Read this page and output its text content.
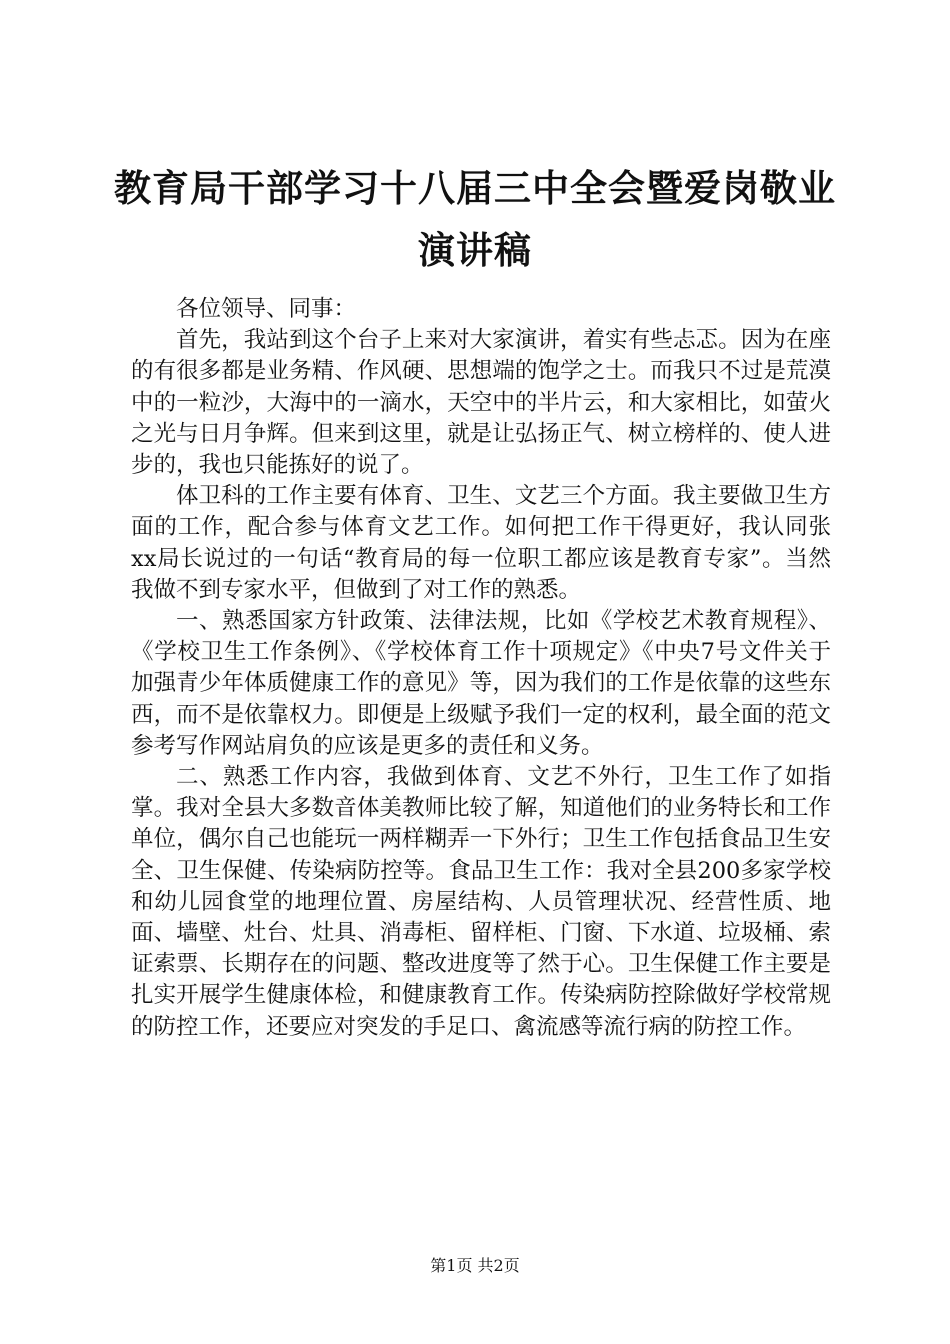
教育局干部学习十八届三中全会暨爱岗敬业演讲稿

各位领导、同事：

首先，我站到这个台子上来对大家演讲，着实有些忐忑。因为在座的有很多都是业务精、作风硬、思想端的饱学之士。而我只不过是荒漠中的一粒沙，大海中的一滴水，天空中的半片云，和大家相比，如萤火之光与日月争辉。但来到这里，就是让弘扬正气、树立榜样的、使人进步的，我也只能拣好的说了。

体卫科的工作主要有体育、卫生、文艺三个方面。我主要做卫生方面的工作，配合参与体育文艺工作。如何把工作干得更好，我认同张xx局长说过的一句话“教育局的每一位职工都应该是教育专家”。当然我做不到专家水平，但做到了对工作的熟悉。

一、熟悉国家方针政策、法律法规，比如《学校艺术教育规程》、《学校卫生工作条例》、《学校体育工作十项规定》《中央7号文件关于加强青少年体质健康工作的意见》等，因为我们的工作是依靠的这些东西，而不是依靠权力。即便是上级赋予我们一定的权利，最全面的范文参考写作网站肩负的应该是更多的责任和义务。

二、熟悉工作内容，我做到体育、文艺不外行，卫生工作了如指掌。我对全县大多数音体美教师比较了解，知道他们的业务特长和工作单位，偶尔自己也能玩一两样糊弄一下外行；卫生工作包括食品卫生安全、卫生保健、传染病防控等。食品卫生工作：我对全县200多家学校和幼儿园食堂的地理位置、房屋结构、人员管理状况、经营性质、地面、墙壁、灶台、灶具、消毒柜、留样柜、门窗、下水道、垃圾桶、索证索票、长期存在的问题、整改进度等了然于心。卫生保健工作主要是扎实开展学生健康体检，和健康教育工作。传染病防控除做好学校常规的防控工作，还要应对突发的手足口、禽流感等流行病的防控工作。

第1页 共2页
